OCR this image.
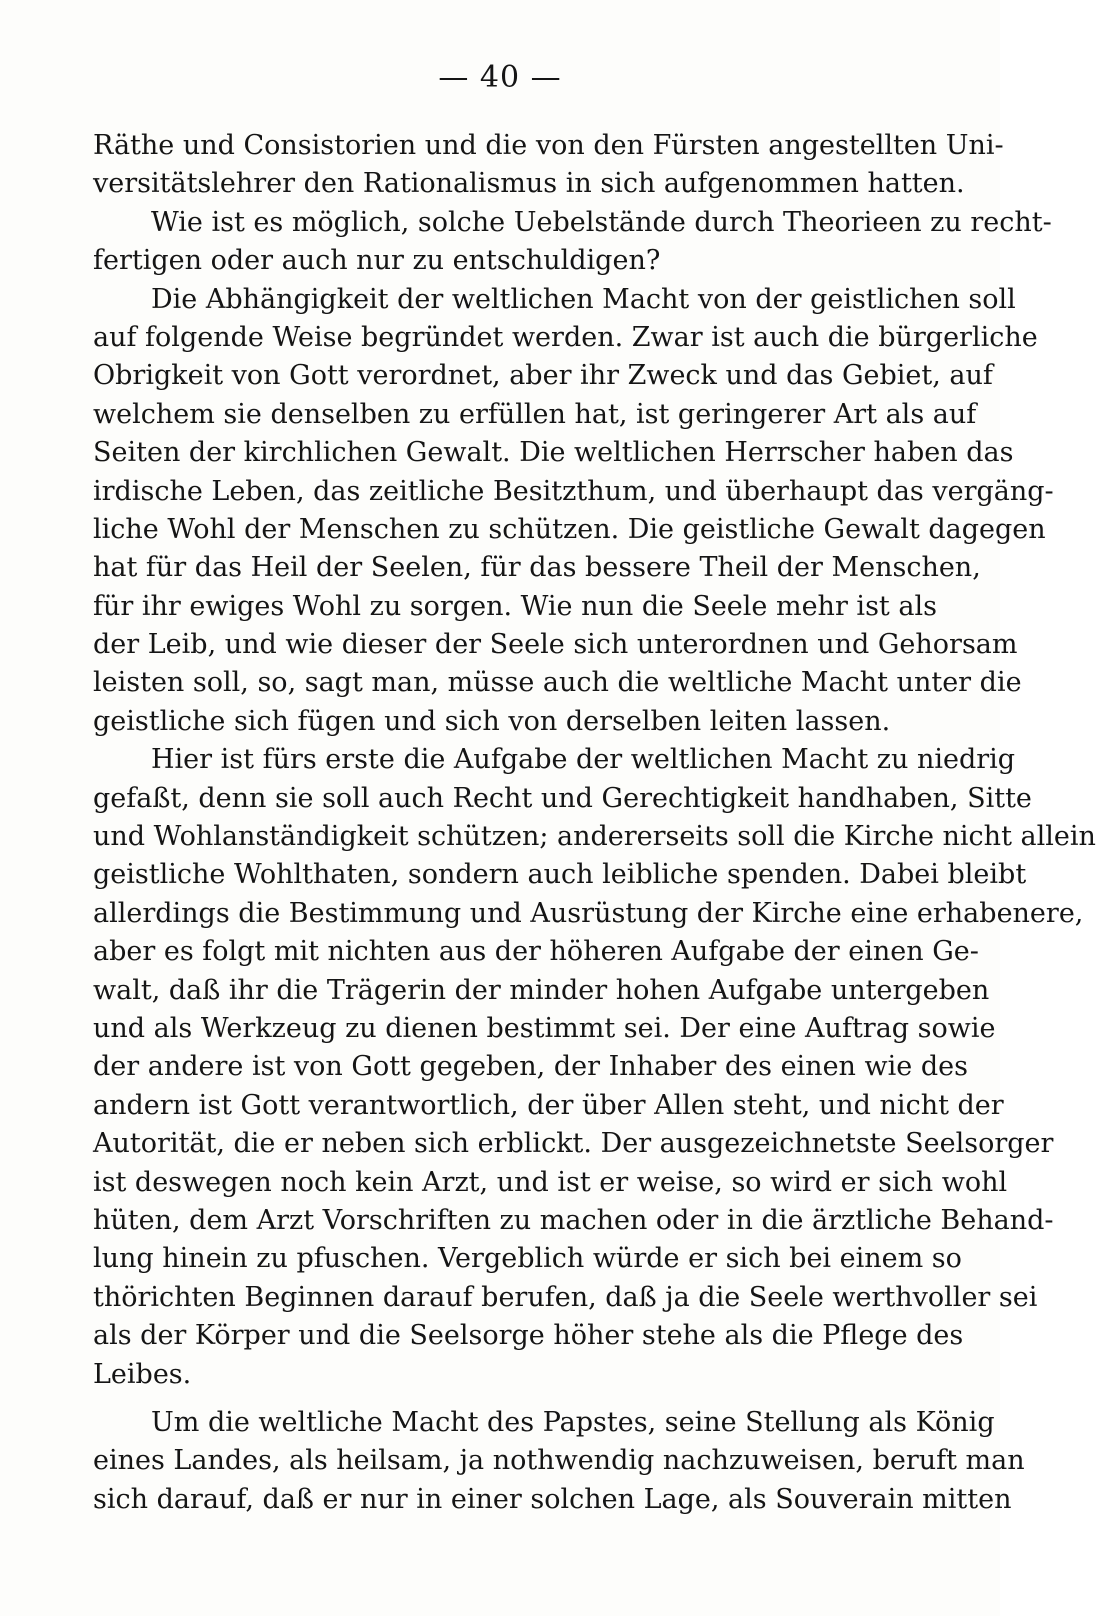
— 40 —
Räthe und Consistorien und die von den Fürsten angestellten Uni-
versitätslehrer den Rationalismus in sich aufgenommen hatten.
Wie ist es möglich, solche Uebelstände durch Theorieen zu recht-
fertigen oder auch nur zu entschuldigen?
Die Abhängigkeit der weltlichen Macht von der geistlichen soll
auf folgende Weise begründet werden. Zwar ist auch die bürgerliche
Obrigkeit von Gott verordnet, aber ihr Zweck und das Gebiet, auf
welchem sie denselben zu erfüllen hat, ist geringerer Art als auf
Seiten der kirchlichen Gewalt. Die weltlichen Herrscher haben das
irdische Leben, das zeitliche Besitzthum, und überhaupt das vergäng-
liche Wohl der Menschen zu schützen. Die geistliche Gewalt dagegen
hat für das Heil der Seelen, für das bessere Theil der Menschen,
für ihr ewiges Wohl zu sorgen. Wie nun die Seele mehr ist als
der Leib, und wie dieser der Seele sich unterordnen und Gehorsam
leisten soll, so, sagt man, müsse auch die weltliche Macht unter die
geistliche sich fügen und sich von derselben leiten lassen.
Hier ist fürs erste die Aufgabe der weltlichen Macht zu niedrig
gefaßt, denn sie soll auch Recht und Gerechtigkeit handhaben, Sitte
und Wohlanständigkeit schützen; andererseits soll die Kirche nicht allein
geistliche Wohlthaten, sondern auch leibliche spenden. Dabei bleibt
allerdings die Bestimmung und Ausrüstung der Kirche eine erhabenere,
aber es folgt mit nichten aus der höheren Aufgabe der einen Ge-
walt, daß ihr die Trägerin der minder hohen Aufgabe untergeben
und als Werkzeug zu dienen bestimmt sei. Der eine Auftrag sowie
der andere ist von Gott gegeben, der Inhaber des einen wie des
andern ist Gott verantwortlich, der über Allen steht, und nicht der
Autorität, die er neben sich erblickt. Der ausgezeichnetste Seelsorger
ist deswegen noch kein Arzt, und ist er weise, so wird er sich wohl
hüten, dem Arzt Vorschriften zu machen oder in die ärztliche Behand-
lung hinein zu pfuschen. Vergeblich würde er sich bei einem so
thörichten Beginnen darauf berufen, daß ja die Seele werthvoller sei
als der Körper und die Seelsorge höher stehe als die Pflege des
Leibes.
Um die weltliche Macht des Papstes, seine Stellung als König
eines Landes, als heilsam, ja nothwendig nachzuweisen, beruft man
sich darauf, daß er nur in einer solchen Lage, als Souverain mitten
